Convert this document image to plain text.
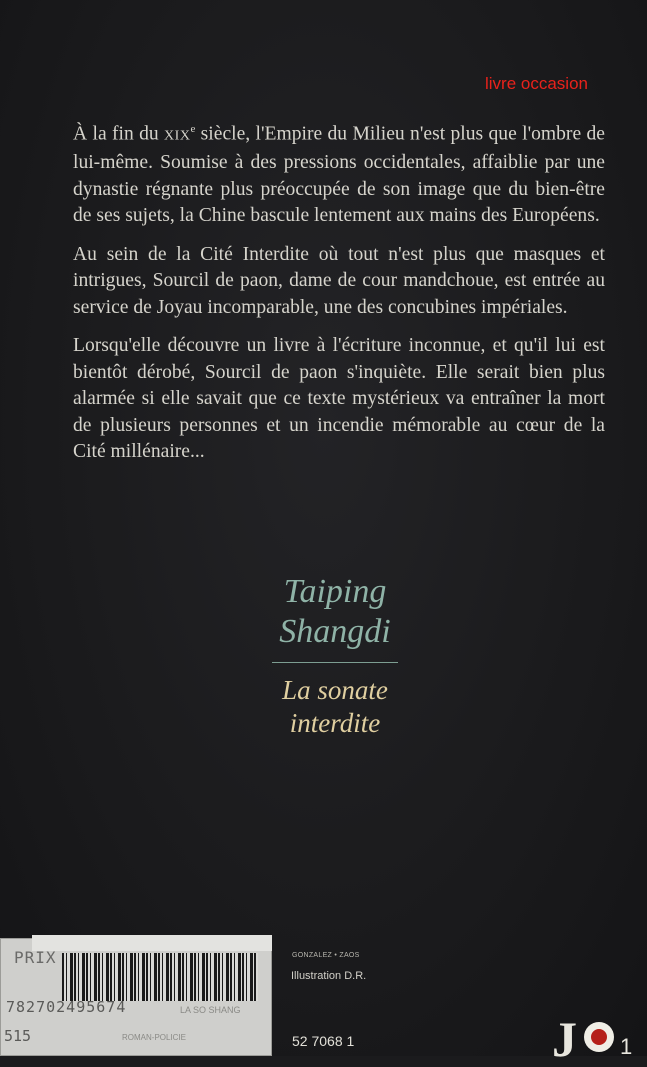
livre occasion

À la fin du XIXe siècle, l'Empire du Milieu n'est plus que l'ombre de lui-même. Soumise à des pressions occidentales, affaiblie par une dynastie régnante plus préoccupée de son image que du bien-être de ses sujets, la Chine bascule lentement aux mains des Européens.

Au sein de la Cité Interdite où tout n'est plus que masques et intrigues, Sourcil de paon, dame de cour mandchoue, est entrée au service de Joyau incomparable, une des concubines impériales.

Lorsqu'elle découvre un livre à l'écriture inconnue, et qu'il lui est bientôt dérobé, Sourcil de paon s'inquiète. Elle serait bien plus alarmée si elle savait que ce texte mystérieux va entraîner la mort de plusieurs personnes et un incendie mémorable au cœur de la Cité millénaire...

Taiping
Shangdi
La sonate
interdite
GONZALEZ • ZAOS
Illustration D.R.
52 7068 1
PRIX
782702495674
515
LA SO SHANG
ROMAN-POLICIE	J 1
